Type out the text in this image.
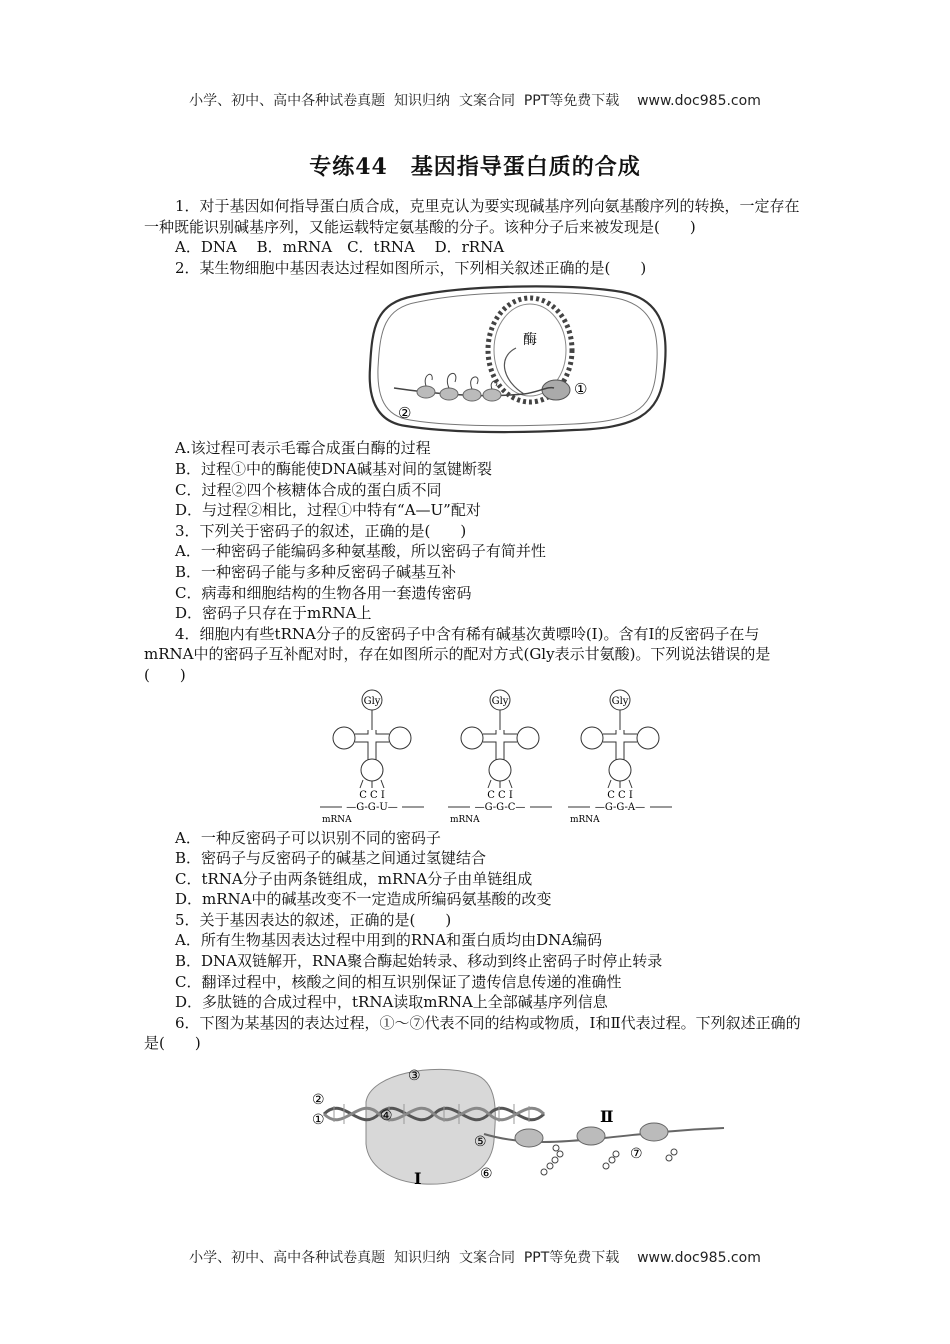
小学、初中、高中各种试卷真题  知识归纳  文案合同  PPT等免费下载    www.doc985.com
专练44　基因指导蛋白质的合成

1．对于基因如何指导蛋白质合成，克里克认为要实现碱基序列向氨基酸序列的转换，一定存在一种既能识别碱基序列，又能运载特定氨基酸的分子。该种分子后来被发现是(　　)

A．DNA　 B．mRNA　C．tRNA　 D．rRNA

2．某生物细胞中基因表达过程如图所示，下列相关叙述正确的是(　　)

酶
①
②

A.该过程可表示毛霉合成蛋白酶的过程

B．过程①中的酶能使DNA碱基对间的氢键断裂

C．过程②四个核糖体合成的蛋白质不同

D．与过程②相比，过程①中特有“A—U”配对

3．下列关于密码子的叙述，正确的是(　　)

A．一种密码子能编码多种氨基酸，所以密码子有简并性

B．一种密码子能与多种反密码子碱基互补

C．病毒和细胞结构的生物各用一套遗传密码

D．密码子只存在于mRNA上

4．细胞内有些tRNA分子的反密码子中含有稀有碱基次黄嘌呤(I)。含有I的反密码子在与mRNA中的密码子互补配对时，存在如图所示的配对方式(Gly表示甘氨酸)。下列说法错误的是(　　)

Gly
C C I
—G-G-U—
mRNA
Gly
C C I
—G-G-C—
mRNA
Gly
C C I
—G-G-A—
mRNA

A．一种反密码子可以识别不同的密码子

B．密码子与反密码子的碱基之间通过氢键结合

C．tRNA分子由两条链组成，mRNA分子由单链组成

D．mRNA中的碱基改变不一定造成所编码氨基酸的改变

5．关于基因表达的叙述，正确的是(　　)

A．所有生物基因表达过程中用到的RNA和蛋白质均由DNA编码

B．DNA双链解开，RNA聚合酶起始转录、移动到终止密码子时停止转录

C．翻译过程中，核酸之间的相互识别保证了遗传信息传递的准确性

D．多肽链的合成过程中，tRNA读取mRNA上全部碱基序列信息

6．下图为某基因的表达过程，①～⑦代表不同的结构或物质，Ⅰ和Ⅱ代表过程。下列叙述正确的是(　　)

③
②
①	④
⑤
⑥
⑦
Ⅰ
Ⅱ
小学、初中、高中各种试卷真题  知识归纳  文案合同  PPT等免费下载    www.doc985.com
